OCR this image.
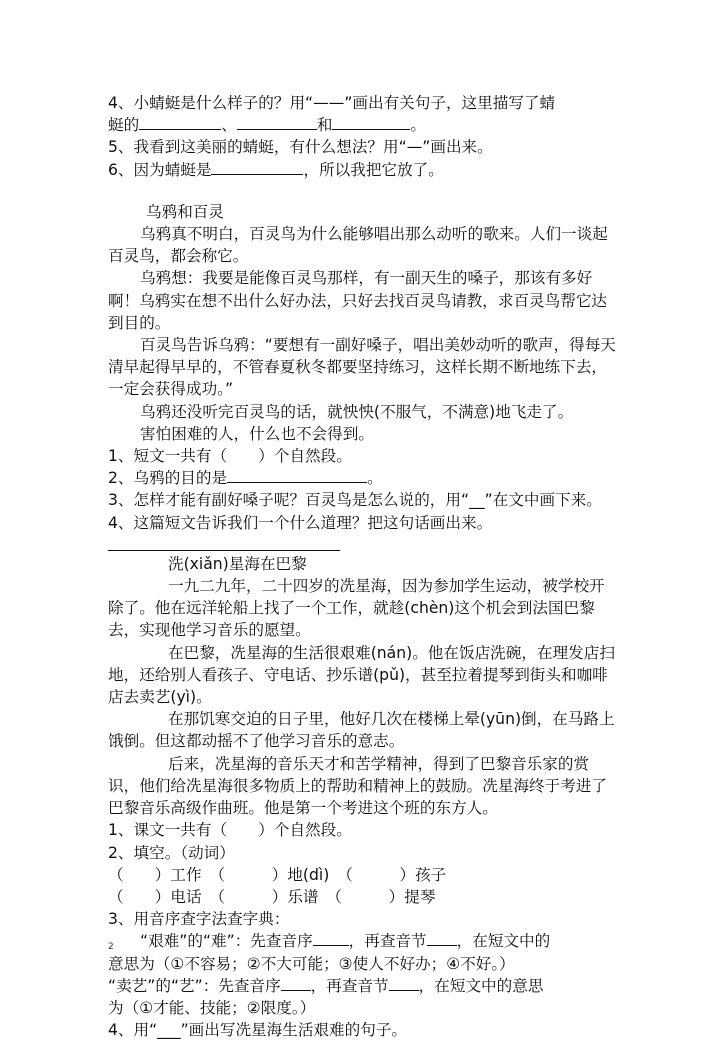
4、小蜻蜓是什么样子的？用“——”画出有关句子，这里描写了蜻

蜓的	、	和	。

5、我看到这美丽的蜻蜓，有什么想法？用“—”画出来。

6、因为蜻蜓是	，所以我把它放了。

乌鸦和百灵

乌鸦真不明白，百灵鸟为什么能够唱出那么动听的歌来。人们一谈起百灵鸟，都会称它。

乌鸦想：我要是能像百灵鸟那样，有一副天生的嗓子，那该有多好啊！乌鸦实在想不出什么好办法，只好去找百灵鸟请教，求百灵鸟帮它达到目的。

百灵鸟告诉乌鸦：“要想有一副好嗓子，唱出美妙动听的歌声，得每天清早起得早早的，不管春夏秋冬都要坚持练习，这样长期不断地练下去，一定会获得成功。”

乌鸦还没听完百灵鸟的话，就怏怏(不服气，不满意)地飞走了。

害怕困难的人，什么也不会得到。

1、短文一共有（　　）个自然段。

2、乌鸦的目的是	。

3、怎样才能有副好嗓子呢？百灵鸟是怎么说的，用“__”在文中画下来。

4、这篇短文告诉我们一个什么道理？把这句话画出来。

洗(xiǎn)星海在巴黎

一九二九年，二十四岁的冼星海，因为参加学生运动，被学校开除了。他在远洋轮船上找了一个工作，就趁(chèn)这个机会到法国巴黎去，实现他学习音乐的愿望。

在巴黎，冼星海的生活很艰难(nán)。他在饭店洗碗，在理发店扫地，还给别人看孩子、守电话、抄乐谱(pǔ)，甚至拉着提琴到街头和咖啡店去卖艺(yì)。

在那饥寒交迫的日子里，他好几次在楼梯上晕(yūn)倒，在马路上饿倒。但这都动摇不了他学习音乐的意志。

后来，冼星海的音乐天才和苦学精神，得到了巴黎音乐家的赏识，他们给冼星海很多物质上的帮助和精神上的鼓励。冼星海终于考进了巴黎音乐高级作曲班。他是第一个考进这个班的东方人。

1、课文一共有（　　）个自然段。

2、填空。（动词）

（　　）工作　（　　　）地(dì)　（　　　）孩子

（　　）电话　（　　　）乐谱　（　　　）提琴

3、用音序查字法查字典：

“艰难”的“难”：先查音序 ，再查音节 ，在短文中的

意思为（①不容易；②不大可能；③使人不好办；④不好。）

“卖艺”的“艺”：先查音序 ，再查音节 ，在短文中的意思

为（①才能、技能；②限度。）

4、用“___”画出写冼星海生活艰难的句子。

2
